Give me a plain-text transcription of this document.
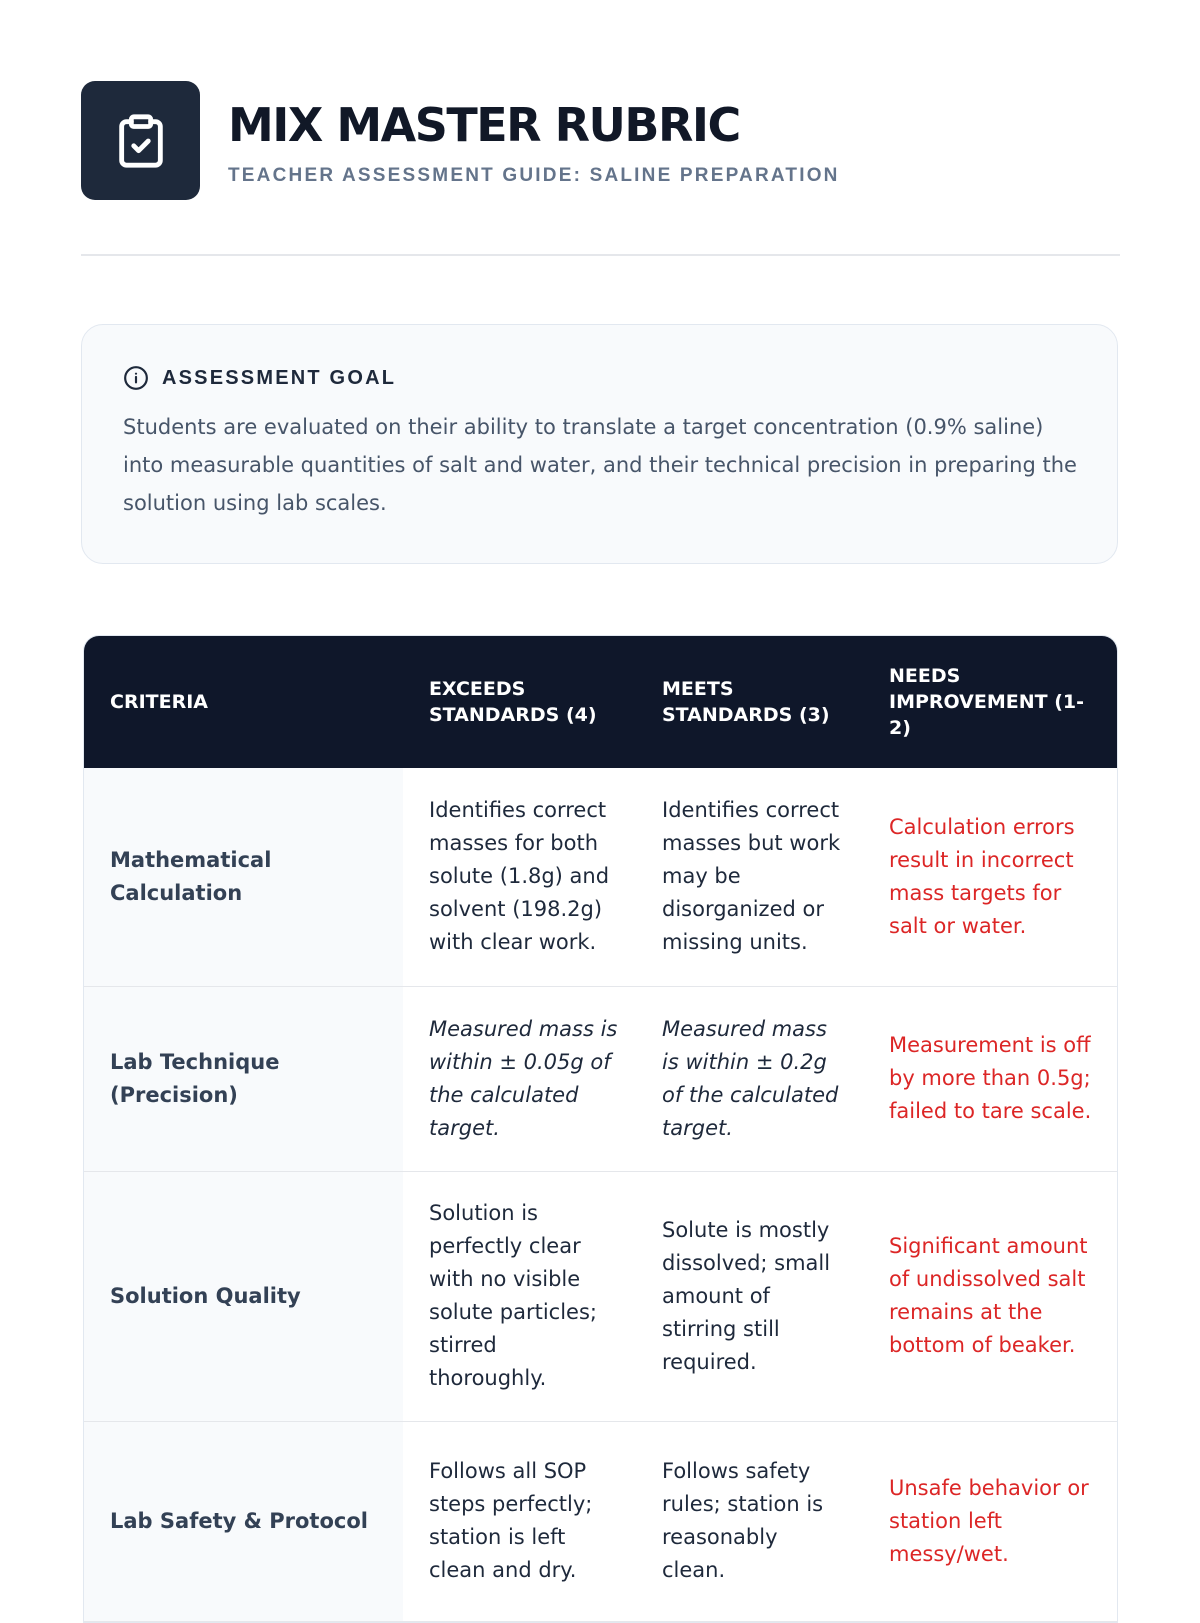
MIX MASTER RUBRIC
TEACHER ASSESSMENT GUIDE: SALINE PREPARATION
ASSESSMENT GOAL
Students are evaluated on their ability to translate a target concentration (0.9% saline) into measurable quantities of salt and water, and their technical precision in preparing the solution using lab scales.
CRITERIA	EXCEEDS STANDARDS (4)	MEETS STANDARDS (3)	NEEDS IMPROVEMENT (1-2)
Mathematical Calculation	Identifies correct masses for both solute (1.8g) and solvent (198.2g) with clear work.	Identifies correct masses but work may be disorganized or missing units.	Calculation errors result in incorrect mass targets for salt or water.
Lab Technique (Precision)	Measured mass is within ± 0.05g of the calculated target.	Measured mass is within ± 0.2g of the calculated target.	Measurement is off by more than 0.5g; failed to tare scale.
Solution Quality	Solution is perfectly clear with no visible solute particles; stirred thoroughly.	Solute is mostly dissolved; small amount of stirring still required.	Significant amount of undissolved salt remains at the bottom of beaker.
Lab Safety & Protocol	Follows all SOP steps perfectly; station is left clean and dry.	Follows safety rules; station is reasonably clean.	Unsafe behavior or station left messy/wet.
